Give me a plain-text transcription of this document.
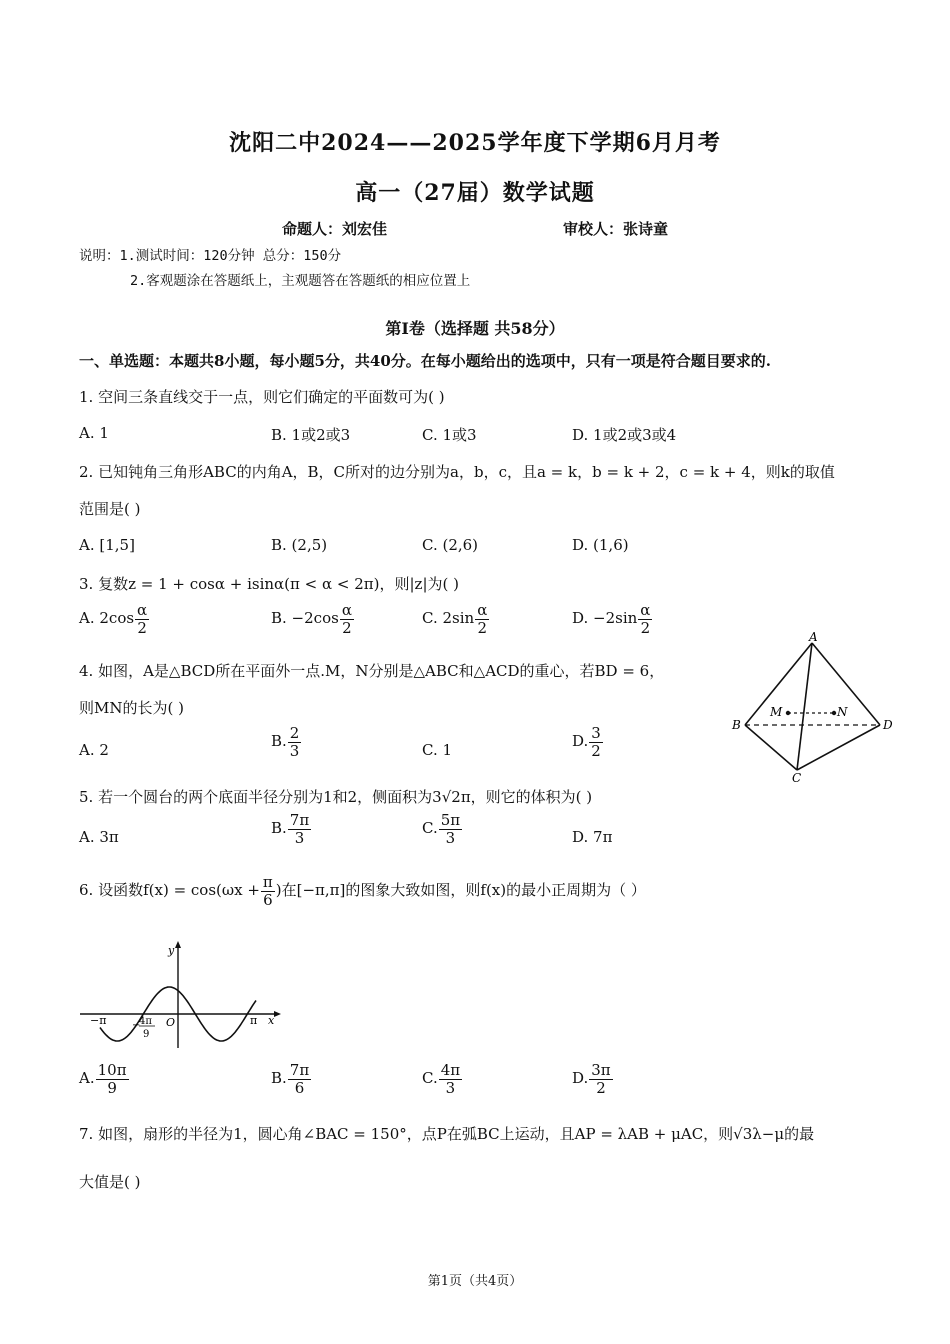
沈阳二中2024——2025学年度下学期6月月考
高一（27届）数学试题
命题人：刘宏佳	审校人：张诗童
说明：1.测试时间：120分钟 总分：150分
2.客观题涂在答题纸上，主观题答在答题纸的相应位置上
第Ⅰ卷（选择题 共58分）
一、单选题：本题共8小题，每小题5分，共40分。在每小题给出的选项中，只有一项是符合题目要求的.
1. 空间三条直线交于一点，则它们确定的平面数可为( )
A. 1	B. 1或2或3	C. 1或3	D. 1或2或3或4
2. 已知钝角三角形ABC的内角A，B，C所对的边分别为a，b，c，且a = k，b = k + 2，c = k + 4，则k的取值
范围是( )
A. [1,5]	B. (2,5)	C. (2,6)	D. (1,6)
3. 复数z = 1 + cosα + isinα(π < α < 2π)，则|z|为( )
A. $2\cos \frac{\alpha}{2}$	B. $-2\cos \frac{\alpha}{2}$	C. $2\sin \frac{\alpha}{2}$	D. $-2\sin \frac{\alpha}{2}$
4. 如图，A是△BCD所在平面外一点.M，N分别是△ABC和△ACD的重心，若BD = 6，
则MN的长为( )
A. 2	B. $\frac{2}{3}$	C. 1	D. $\frac{3}{2}$
A
B
C
D
M	N
5. 若一个圆台的两个底面半径分别为1和2，侧面积为3√2π，则它的体积为( )
A. 3π	B. $\frac{7\pi}{3}$	C. $\frac{5\pi}{3}$	D. 7π
6. 设函数$f(x) = \cos(\omega x + \frac{\pi}{6}$ )在[−π,π]的图象大致如图，则f(x)的最小正周期为（ ）
y
x
O
−π	π
−
4π
9
A. $\frac{10\pi}{9}$	B. $\frac{7\pi}{6}$	C. $\frac{4\pi}{3}$	D. $\frac{3\pi}{2}$
7. 如图，扇形的半径为1，圆心角∠BAC = 150°，点P在弧BC上运动，且AP = λAB + μAC，则√3λ−μ的最
大值是( )
第1页（共4页）
